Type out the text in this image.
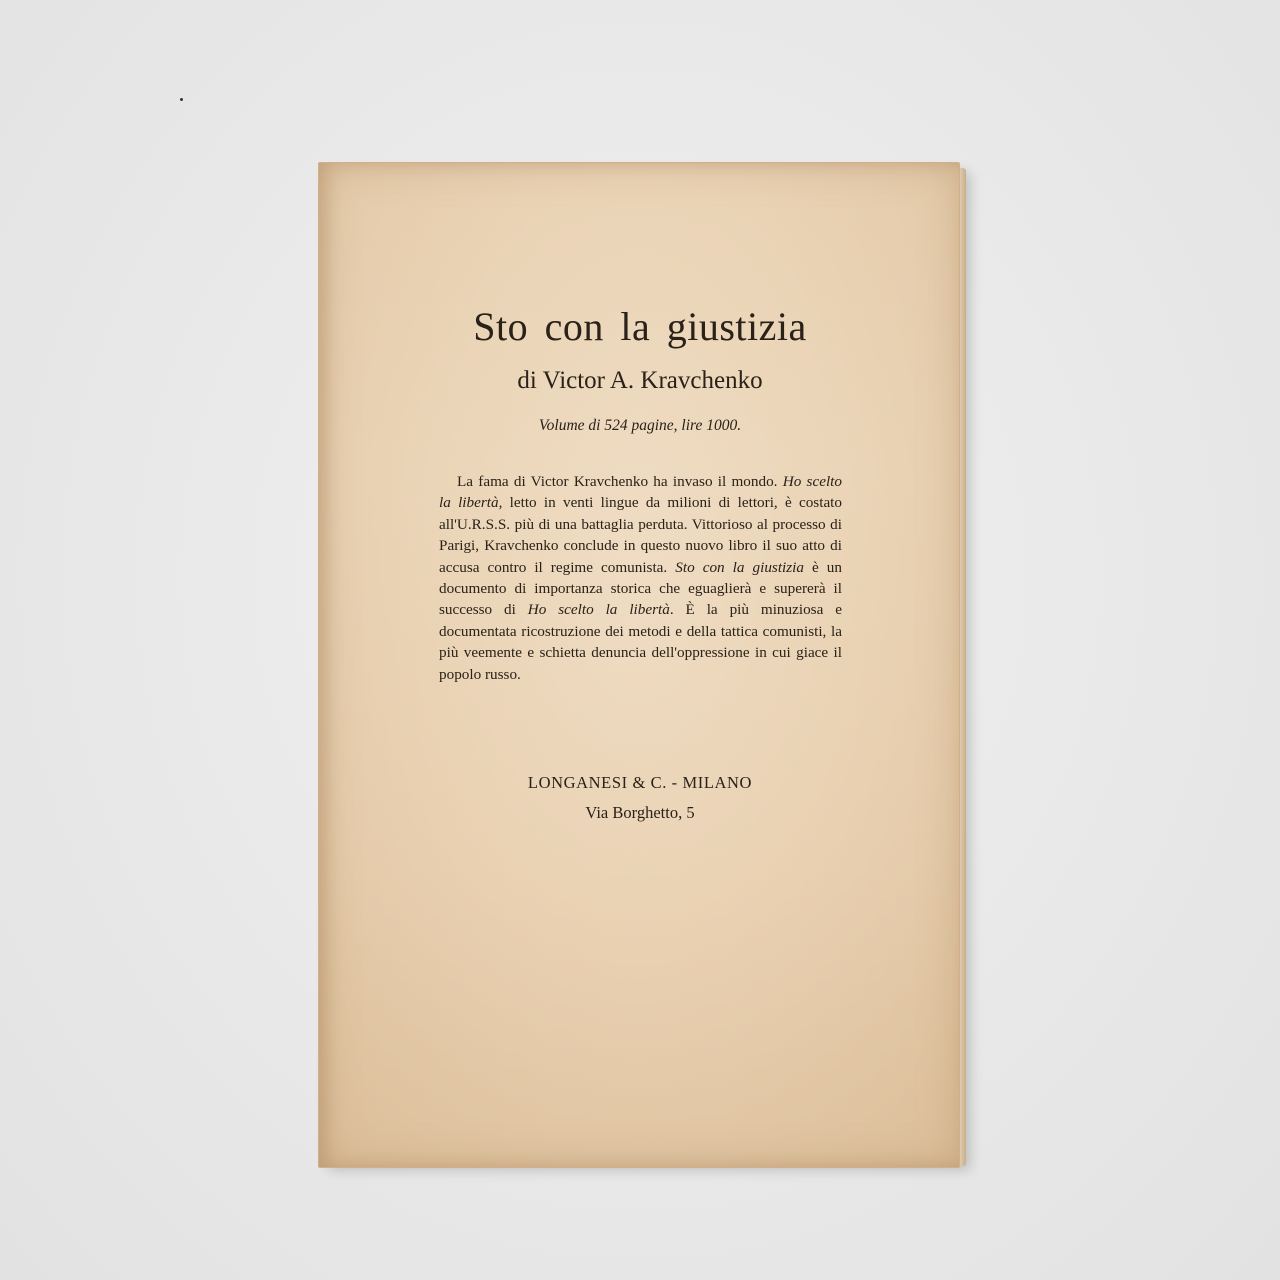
Sto con la giustizia

di Victor A. Kravchenko

Volume di 524 pagine, lire 1000.

La fama di Victor Kravchenko ha invaso il mondo. Ho scelto la libertà, letto in venti lingue da milioni di lettori, è costato all'U.R.S.S. più di una battaglia perduta. Vittorioso al processo di Parigi, Kravchenko conclude in questo nuovo libro il suo atto di accusa contro il regime comunista. Sto con la giustizia è un documento di importanza storica che eguaglierà e supererà il successo di Ho scelto la libertà. È la più minuziosa e documentata ricostruzione dei metodi e della tattica comunisti, la più veemente e schietta denuncia dell'oppressione in cui giace il popolo russo.

LONGANESI & C. - MILANO

Via Borghetto, 5
